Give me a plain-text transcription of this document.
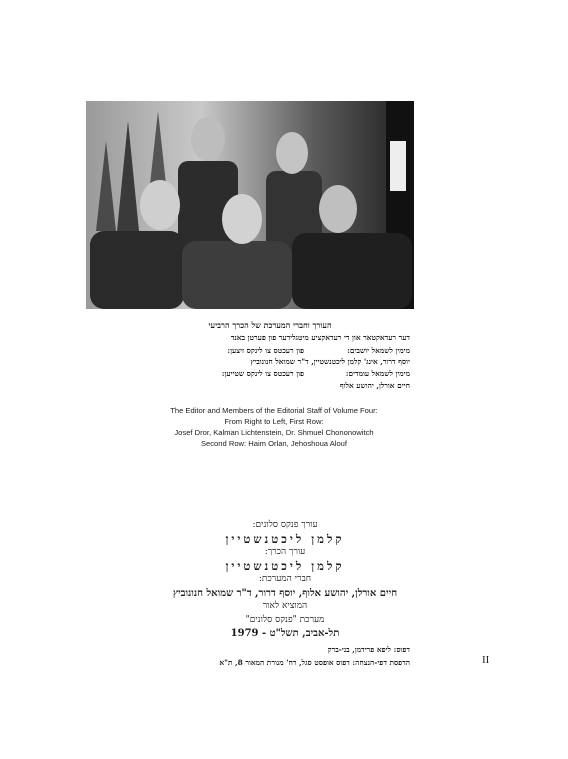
העורך וחברי המערכת של הכרך הרביעי
דער רעדאקטאר און די רעדאקציע מיטגלידער פון פערטן באנד
מימין לשמאל יושבים:
פון רעכטס צו לינקס זיצען:
יוסף דרור, אינג' קלמן ליכטנשטיין, ד"ר שמואל חנונוביץ
מימין לשמאל עומדים:
פון רעכטס צו לינקס שטייען:
חיים אורלן, יהושע אלוף
The Editor and Members of the Editorial Staff of Volume Four:
From Right to Left, First Row:
Josef Dror, Kalman Lichtenstein, Dr. Shmuel Chononowitch
Second Row: Haim Orlan, Jehoshoua Alouf
עורך פנקס סלונים:
קלמן ליכטנשטיין
עורך הכרך:
קלמן ליכטנשטיין
חברי המערכת:
חיים אורלן, יהושע אלוף, יוסף דרור, ד"ר שמואל חנונוביץ
המוציא לאור
מערכת "פנקס סלונים"
תל-אביב, תשל"ט - 1979
דפוס: ליפא פרידמן, בני-ברק
הדפסת דפי-הנצחה: דפוס אופסט סגל, רח' מנורת המאור 8, ת"א	II
